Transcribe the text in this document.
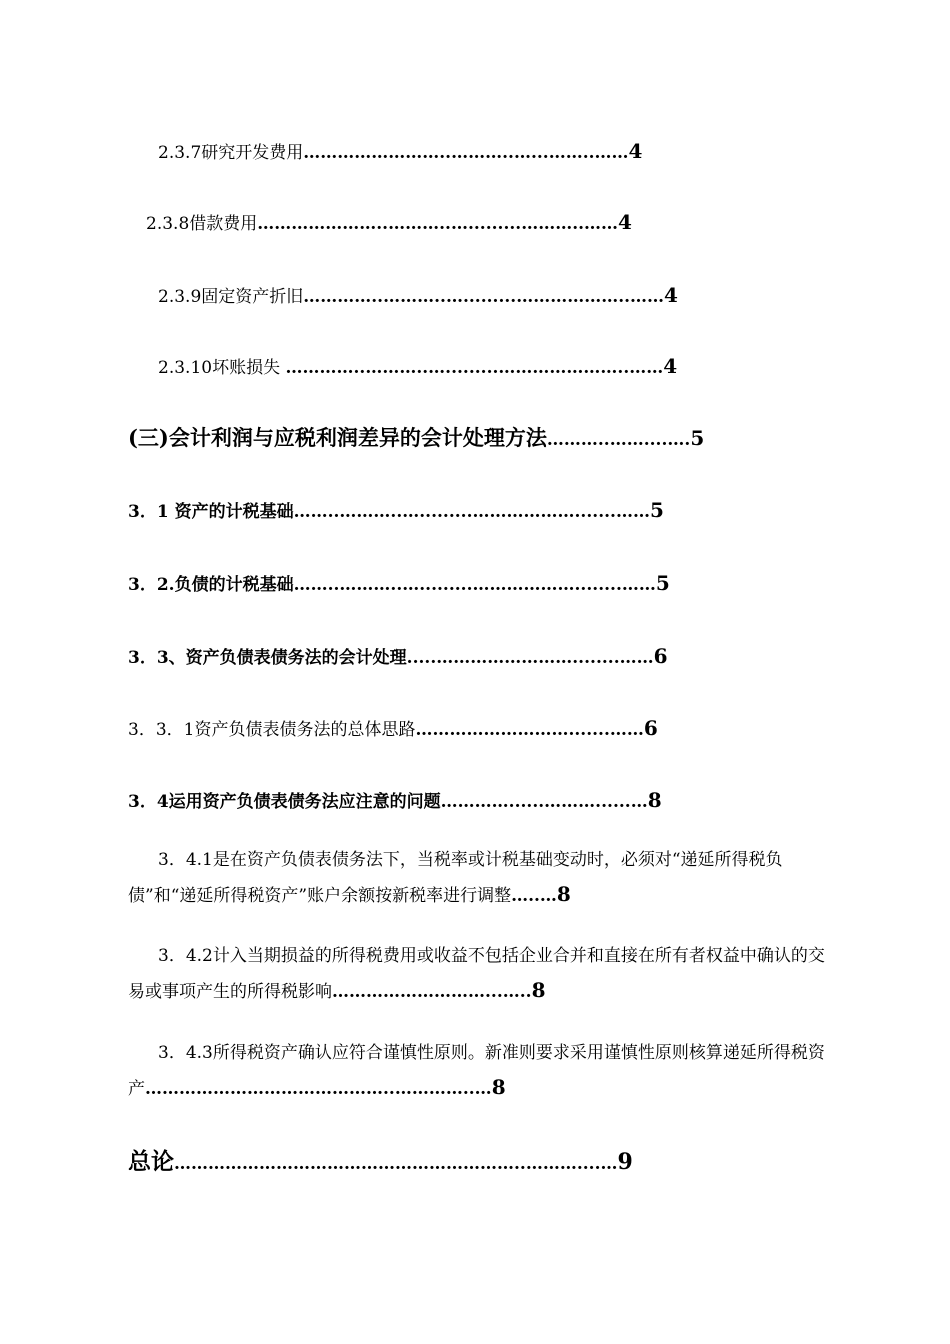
2.3.7研究开发费用……………………..………..…...……..……4
2.3.8借款费用…………………..………..….........………..……4
2.3.9固定资产折旧…………..………..….........………………..……4
2.3.10坏账损失 …………..………..….........…………………..……4
(三)会计利润与应税利润差异的会计处理方法………..……....….5
3．1 资产的计税基础……..………..….........……………….......……5
3．2.负债的计税基础……..………..….........………………........……5
3．3、资产负债表债务法的会计处理.....……………………........……6
3．3．1资产负债表债务法的总体思路……………………….......……6
3．4运用资产负债表债务法应注意的问题…………......………......…8
3．4.1是在资产负债表债务法下，当税率或计税基础变动时，必须对“递延所得税负债”和“递延所得税资产”账户余额按新税率进行调整…..…8
3．4.2计入当期损益的所得税费用或收益不包括企业合并和直接在所有者权益中确认的交易或事项产生的所得税影响………………………...…..8
3．4.3所得税资产确认应符合谨慎性原则。新准则要求采用谨慎性原则核算递延所得税资产……………………………………..…………..…8
总论……………………………………………………..………....…9
